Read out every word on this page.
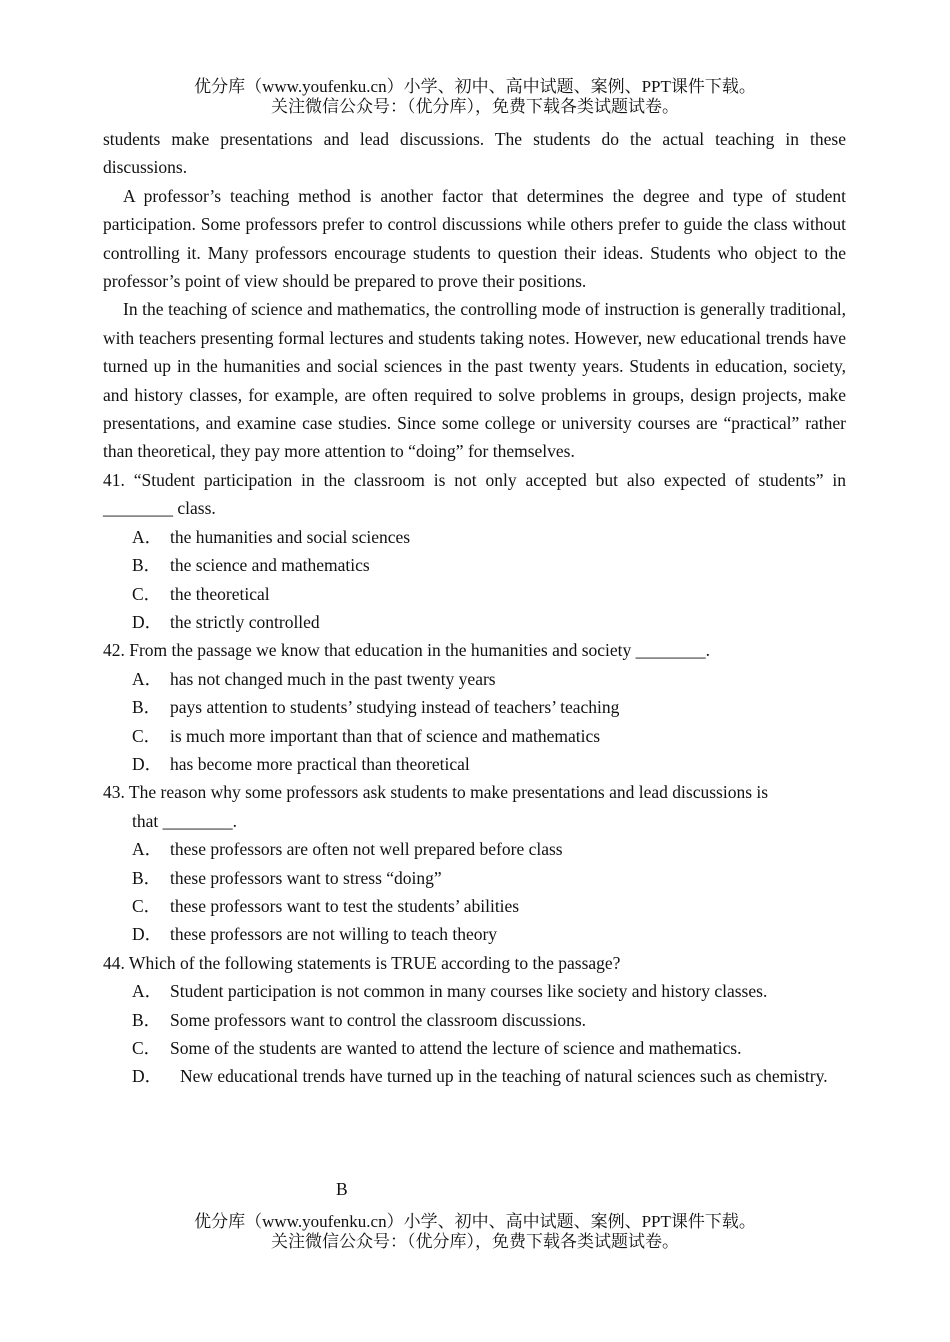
优分库（www.youfenku.cn）小学、初中、高中试题、案例、PPT课件下载。
关注微信公众号：（优分库），免费下载各类试题试卷。

students make presentations and lead discussions. The students do the actual teaching in these discussions.

A professor’s teaching method is another factor that determines the degree and type of student participation. Some professors prefer to control discussions while others prefer to guide the class without controlling it. Many professors encourage students to question their ideas. Students who object to the professor’s point of view should be prepared to prove their positions.

In the teaching of science and mathematics, the controlling mode of instruction is generally traditional, with teachers presenting formal lectures and students taking notes. However, new educational trends have turned up in the humanities and social sciences in the past twenty years. Students in education, society, and history classes, for example, are often required to solve problems in groups, design projects, make presentations, and examine case studies. Since some college or university courses are “practical” rather than theoretical, they pay more attention to “doing” for themselves.

41. “Student participation in the classroom is not only accepted but also expected of students” in ________ class.

A． the humanities and social sciences
B． the science and mathematics
C． the theoretical
D． the strictly controlled

42. From the passage we know that education in the humanities and society ________.

A． has not changed much in the past twenty years
B． pays attention to students’ studying instead of teachers’ teaching
C． is much more important than that of science and mathematics
D． has become more practical than theoretical

43. The reason why some professors ask students to make presentations and lead discussions is

that ________.

A． these professors are often not well prepared before class
B． these professors want to stress “doing”
C． these professors want to test the students’ abilities
D． these professors are not willing to teach theory

44. Which of the following statements is TRUE according to the passage?

A． Student participation is not common in many courses like society and history classes.
B． Some professors want to control the classroom discussions.
C． Some of the students are wanted to attend the lecture of science and mathematics.
D．	New educational trends have turned up in the teaching of natural sciences such as chemistry.
B
优分库（www.youfenku.cn）小学、初中、高中试题、案例、PPT课件下载。
关注微信公众号：（优分库），免费下载各类试题试卷。
